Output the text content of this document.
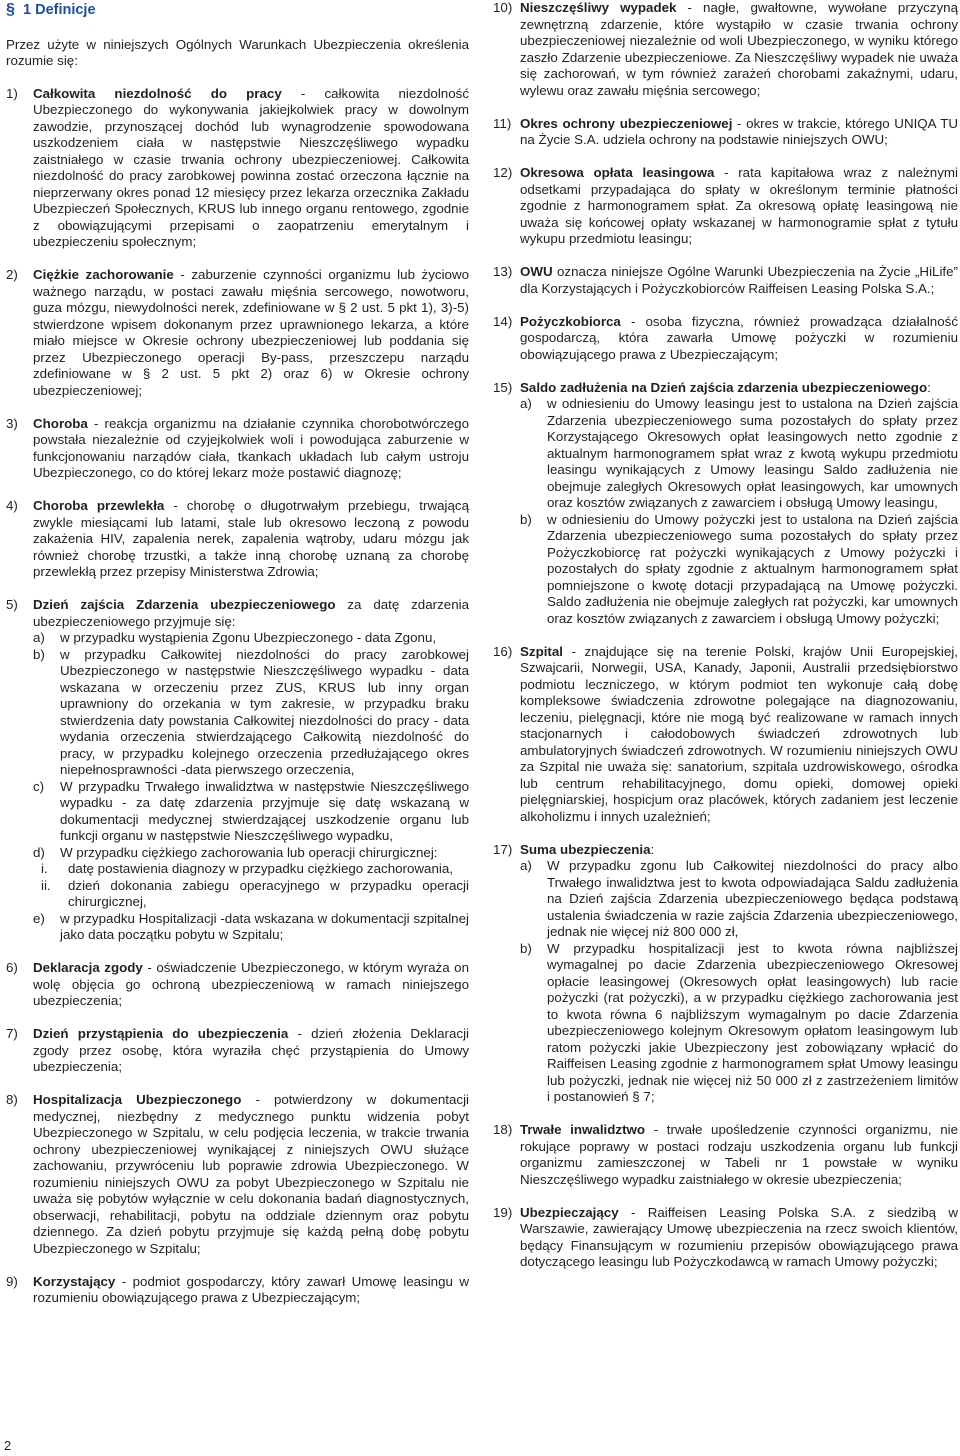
§ 1 Definicje

Przez użyte w niniejszych Ogólnych Warunkach Ubezpieczenia określenia rozumie się:

1)	Całkowita niezdolność do pracy - całkowita niezdolność Ubezpieczonego do wykonywania jakiejkolwiek pracy w dowolnym zawodzie, przynoszącej dochód lub wynagrodzenie spowodowana uszkodzeniem ciała w następstwie Nieszczęśliwego wypadku zaistniałego w czasie trwania ochrony ubezpieczeniowej. Całkowita niezdolność do pracy zarobkowej powinna zostać orzeczona łącznie na nieprzerwany okres ponad 12 miesięcy przez lekarza orzecznika Zakładu Ubezpieczeń Społecznych, KRUS lub innego organu rentowego, zgodnie z obowiązującymi przepisami o zaopatrzeniu emerytalnym i ubezpieczeniu społecznym;
2)	Ciężkie zachorowanie - zaburzenie czynności organizmu lub życiowo ważnego narządu, w postaci zawału mięśnia sercowego, nowotworu, guza mózgu, niewydolności nerek, zdefiniowane w § 2 ust. 5 pkt 1), 3)-5) stwierdzone wpisem dokonanym przez uprawnionego lekarza, a które miało miejsce w Okresie ochrony ubezpieczeniowej lub poddania się przez Ubezpieczonego operacji By-pass, przeszczepu narządu zdefiniowane w § 2 ust. 5 pkt 2) oraz 6) w Okresie ochrony ubezpieczeniowej;
3)	Choroba - reakcja organizmu na działanie czynnika chorobotwórczego powstała niezależnie od czyjejkolwiek woli i powodująca zaburzenie w funkcjonowaniu narządów ciała, tkankach układach lub całym ustroju Ubezpieczonego, co do której lekarz może postawić diagnozę;
4)	Choroba przewlekła - chorobę o długotrwałym przebiegu, trwającą zwykle miesiącami lub latami, stale lub okresowo leczoną z powodu zakażenia HIV, zapalenia nerek, zapalenia wątroby, udaru mózgu jak również chorobę trzustki, a także inną chorobę uznaną za chorobę przewlekłą przez przepisy Ministerstwa Zdrowia;
5)	Dzień zajścia Zdarzenia ubezpieczeniowego za datę zdarzenia ubezpieczeniowego przyjmuje się:
a) w przypadku wystąpienia Zgonu Ubezpieczonego - data Zgonu,
b) w przypadku Całkowitej niezdolności do pracy zarobkowej Ubezpieczonego w następstwie Nieszczęśliwego wypadku - data wskazana w orzeczeniu przez ZUS, KRUS lub inny organ uprawniony do orzekania w tym zakresie, w przypadku braku stwierdzenia daty powstania Całkowitej niezdolności do pracy - data wydania orzeczenia stwierdzającego Całkowitą niezdolność do pracy, w przypadku kolejnego orzeczenia przedłużającego okres niepełnosprawności -data pierwszego orzeczenia,
c) W przypadku Trwałego inwalidztwa w następstwie Nieszczęśliwego wypadku - za datę zdarzenia przyjmuje się datę wskazaną w dokumentacji medycznej stwierdzającej uszkodzenie organu lub funkcji organu w następstwie Nieszczęśliwego wypadku,
d) W przypadku ciężkiego zachorowania lub operacji chirurgicznej:
i. datę postawienia diagnozy w przypadku ciężkiego zachorowania,
ii. dzień dokonania zabiegu operacyjnego w przypadku operacji chirurgicznej,
e) w przypadku Hospitalizacji -data wskazana w dokumentacji szpitalnej jako data początku pobytu w Szpitalu;
6)	Deklaracja zgody - oświadczenie Ubezpieczonego, w którym wyraża on wolę objęcia go ochroną ubezpieczeniową w ramach niniejszego ubezpieczenia;
7)	Dzień przystąpienia do ubezpieczenia - dzień złożenia Deklaracji zgody przez osobę, która wyraziła chęć przystąpienia do Umowy ubezpieczenia;
8)	Hospitalizacja Ubezpieczonego - potwierdzony w dokumentacji medycznej, niezbędny z medycznego punktu widzenia pobyt Ubezpieczonego w Szpitalu, w celu podjęcia leczenia, w trakcie trwania ochrony ubezpieczeniowej wynikającej z niniejszych OWU służące zachowaniu, przywróceniu lub poprawie zdrowia Ubezpieczonego. W rozumieniu niniejszych OWU za pobyt Ubezpieczonego w Szpitalu nie uważa się pobytów wyłącznie w celu dokonania badań diagnostycznych, obserwacji, rehabilitacji, pobytu na oddziale dziennym oraz pobytu dziennego. Za dzień pobytu przyjmuje się każdą pełną dobę pobytu Ubezpieczonego w Szpitalu;
9)	Korzystający - podmiot gospodarczy, który zawarł Umowę leasingu w rozumieniu obowiązującego prawa z Ubezpieczającym;
10) Nieszczęśliwy wypadek - nagłe, gwałtowne, wywołane przyczyną zewnętrzną zdarzenie, które wystąpiło w czasie trwania ochrony ubezpieczeniowej niezależnie od woli Ubezpieczonego, w wyniku którego zaszło Zdarzenie ubezpieczeniowe. Za Nieszczęśliwy wypadek nie uważa się zachorowań, w tym również zarażeń chorobami zakaźnymi, udaru, wylewu oraz zawału mięśnia sercowego;
11) Okres ochrony ubezpieczeniowej - okres w trakcie, którego UNIQA TU na Życie S.A. udziela ochrony na podstawie niniejszych OWU;
12) Okresowa opłata leasingowa - rata kapitałowa wraz z należnymi odsetkami przypadająca do spłaty w określonym terminie płatności zgodnie z harmonogramem spłat. Za okresową opłatę leasingową nie uważa się końcowej opłaty wskazanej w harmonogramie spłat z tytułu wykupu przedmiotu leasingu;
13) OWU oznacza niniejsze Ogólne Warunki Ubezpieczenia na Życie „HiLife” dla Korzystających i Pożyczkobiorców Raiffeisen Leasing Polska S.A.;
14) Pożyczkobiorca - osoba fizyczna, również prowadząca działalność gospodarczą, która zawarła Umowę pożyczki w rozumieniu obowiązującego prawa z Ubezpieczającym;
15) Saldo zadłużenia na Dzień zajścia zdarzenia ubezpieczeniowego:
a) w odniesieniu do Umowy leasingu jest to ustalona na Dzień zajścia Zdarzenia ubezpieczeniowego suma pozostałych do spłaty przez Korzystającego Okresowych opłat leasingowych netto zgodnie z aktualnym harmonogramem spłat wraz z kwotą wykupu przedmiotu leasingu wynikających z Umowy leasingu Saldo zadłużenia nie obejmuje zaległych Okresowych opłat leasingowych, kar umownych oraz kosztów związanych z zawarciem i obsługą Umowy leasingu,
b) w odniesieniu do Umowy pożyczki jest to ustalona na Dzień zajścia Zdarzenia ubezpieczeniowego suma pozostałych do spłaty przez Pożyczkobiorcę rat pożyczki wynikających z Umowy pożyczki i pozostałych do spłaty zgodnie z aktualnym harmonogramem spłat pomniejszone o kwotę dotacji przypadającą na Umowę pożyczki. Saldo zadłużenia nie obejmuje zaległych rat pożyczki, kar umownych oraz kosztów związanych z zawarciem i obsługą Umowy pożyczki;
16) Szpital - znajdujące się na terenie Polski, krajów Unii Europejskiej, Szwajcarii, Norwegii, USA, Kanady, Japonii, Australii przedsiębiorstwo podmiotu leczniczego, w którym podmiot ten wykonuje całą dobę kompleksowe świadczenia zdrowotne polegające na diagnozowaniu, leczeniu, pielęgnacji, które nie mogą być realizowane w ramach innych stacjonarnych i całodobowych świadczeń zdrowotnych lub ambulatoryjnych świadczeń zdrowotnych. W rozumieniu niniejszych OWU za Szpital nie uważa się: sanatorium, szpitala uzdrowiskowego, ośrodka lub centrum rehabilitacyjnego, domu opieki, domowej opieki pielęgniarskiej, hospicjum oraz placówek, których zadaniem jest leczenie alkoholizmu i innych uzależnień;
17) Suma ubezpieczenia:
a) W przypadku zgonu lub Całkowitej niezdolności do pracy albo Trwałego inwalidztwa jest to kwota odpowiadająca Saldu zadłużenia na Dzień zajścia Zdarzenia ubezpieczeniowego będąca podstawą ustalenia świadczenia w razie zajścia Zdarzenia ubezpieczeniowego, jednak nie więcej niż 800 000 zł,
b) W przypadku hospitalizacji jest to kwota równa najbliższej wymagalnej po dacie Zdarzenia ubezpieczeniowego Okresowej opłacie leasingowej (Okresowych opłat leasingowych) lub racie pożyczki (rat pożyczki), a w przypadku ciężkiego zachorowania jest to kwota równa 6 najbliższym wymagalnym po dacie Zdarzenia ubezpieczeniowego kolejnym Okresowym opłatom leasingowym lub ratom pożyczki jakie Ubezpieczony jest zobowiązany wpłacić do Raiffeisen Leasing zgodnie z harmonogramem spłat Umowy leasingu lub pożyczki, jednak nie więcej niż 50 000 zł z zastrzeżeniem limitów i postanowień § 7;
18) Trwałe inwalidztwo - trwałe upośledzenie czynności organizmu, nie rokujące poprawy w postaci rodzaju uszkodzenia organu lub funkcji organizmu zamieszczonej w Tabeli nr 1 powstałe w wyniku Nieszczęśliwego wypadku zaistniałego w okresie ubezpieczenia;
19) Ubezpieczający - Raiffeisen Leasing Polska S.A. z siedzibą w Warszawie, zawierający Umowę ubezpieczenia na rzecz swoich klientów, będący Finansującym w rozumieniu przepisów obowiązującego prawa dotyczącego leasingu lub Pożyczkodawcą w ramach Umowy pożyczki;
2
